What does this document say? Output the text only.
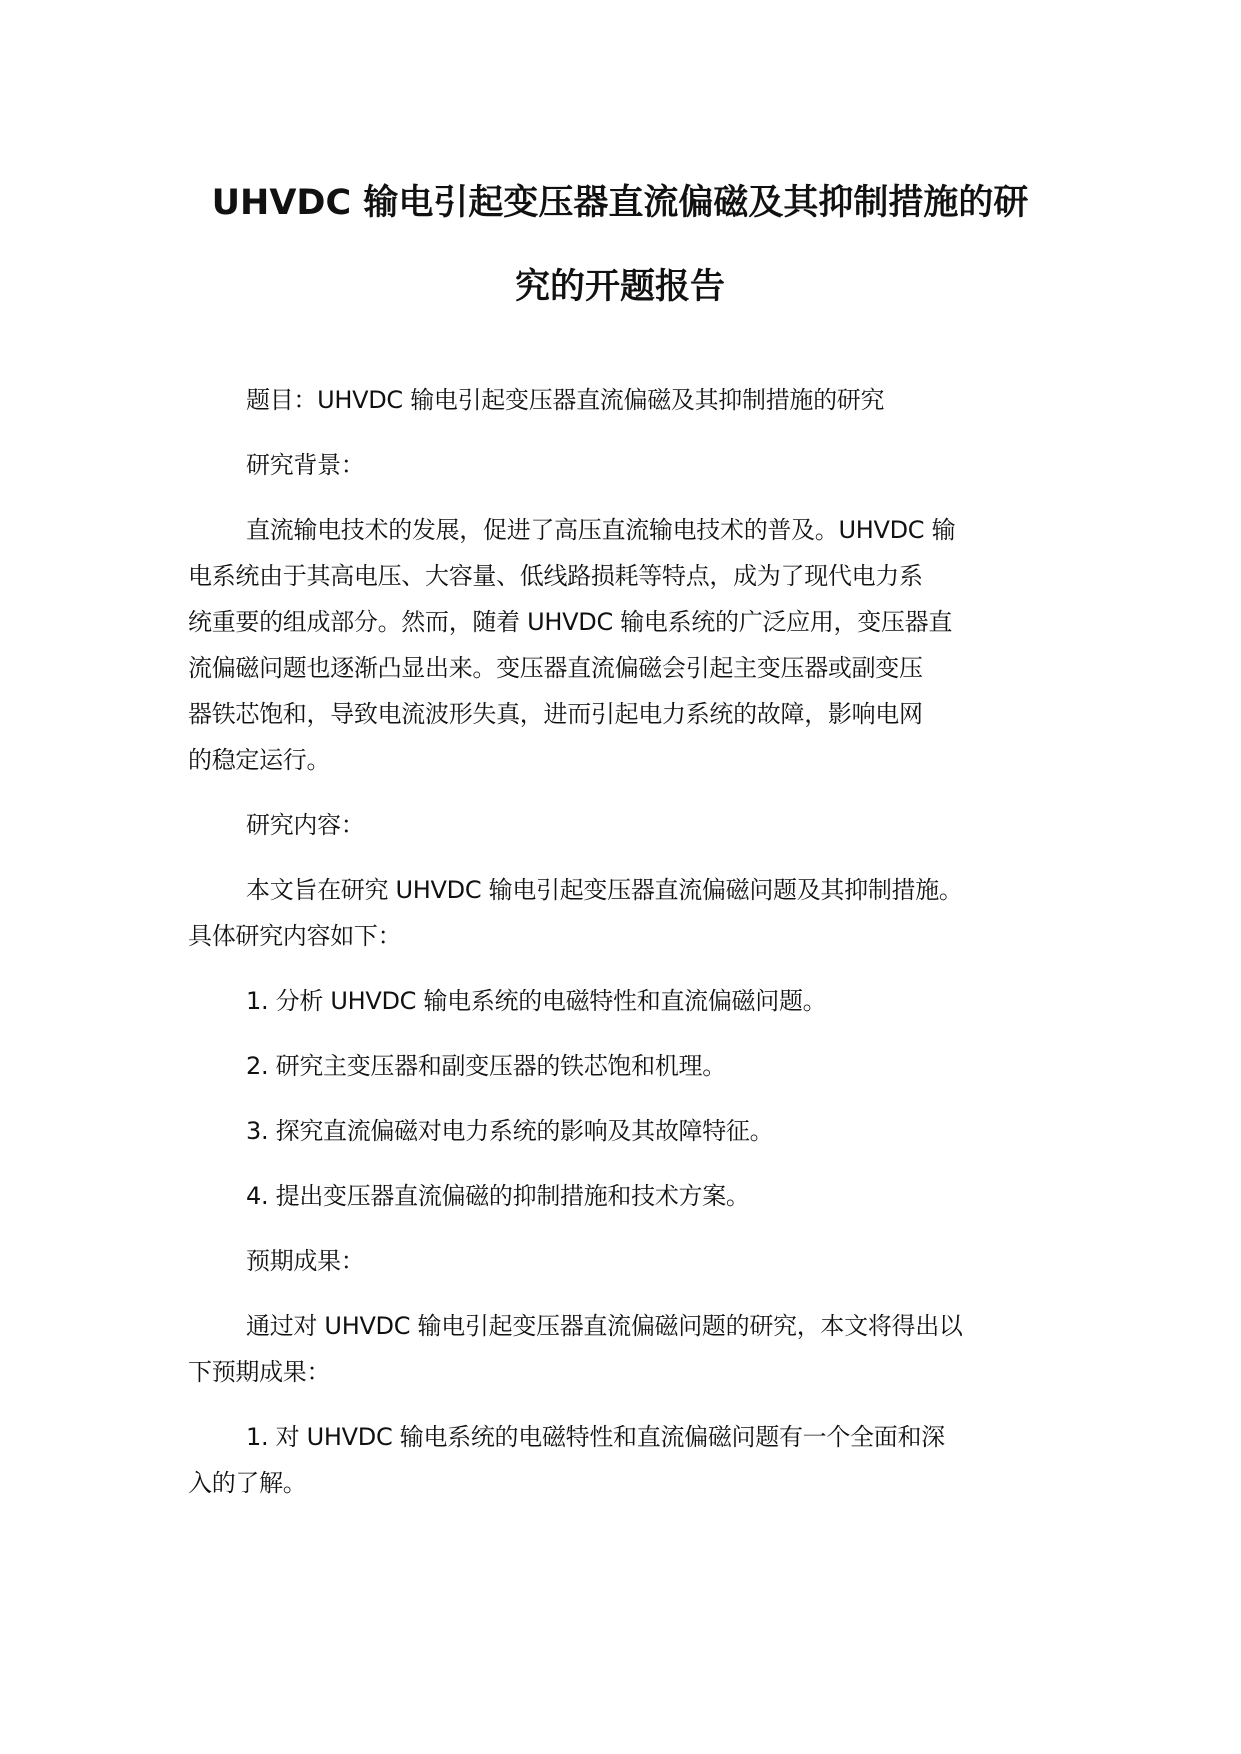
UHVDC 输电引起变压器直流偏磁及其抑制措施的研
究的开题报告

题目：UHVDC 输电引起变压器直流偏磁及其抑制措施的研究

研究背景：

直流输电技术的发展，促进了高压直流输电技术的普及。UHVDC 输
电系统由于其高电压、大容量、低线路损耗等特点，成为了现代电力系
统重要的组成部分。然而，随着 UHVDC 输电系统的广泛应用，变压器直
流偏磁问题也逐渐凸显出来。变压器直流偏磁会引起主变压器或副变压
器铁芯饱和，导致电流波形失真，进而引起电力系统的故障，影响电网
的稳定运行。

研究内容：

本文旨在研究 UHVDC 输电引起变压器直流偏磁问题及其抑制措施。
具体研究内容如下：

1. 分析 UHVDC 输电系统的电磁特性和直流偏磁问题。

2. 研究主变压器和副变压器的铁芯饱和机理。

3. 探究直流偏磁对电力系统的影响及其故障特征。

4. 提出变压器直流偏磁的抑制措施和技术方案。

预期成果：

通过对 UHVDC 输电引起变压器直流偏磁问题的研究，本文将得出以
下预期成果：

1. 对 UHVDC 输电系统的电磁特性和直流偏磁问题有一个全面和深
入的了解。
